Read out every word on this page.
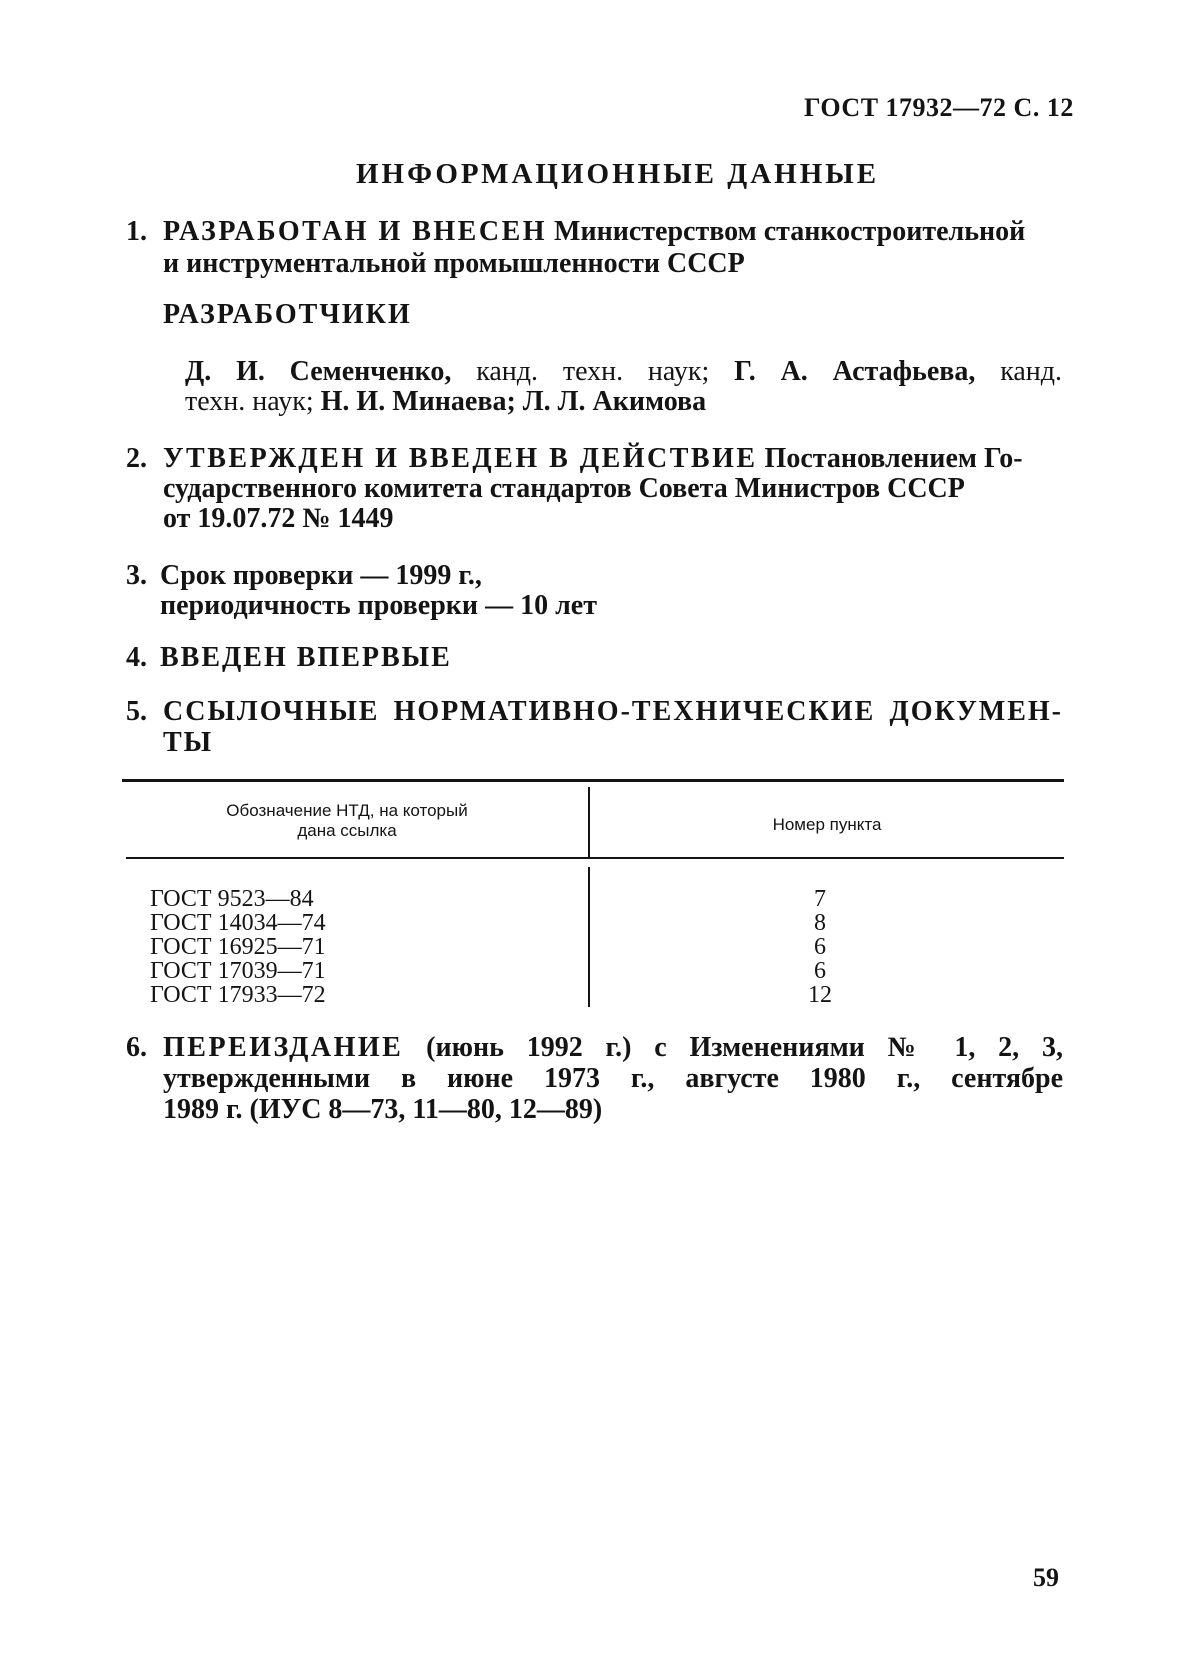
ГОСТ 17932—72 С. 12
ИНФОРМАЦИОННЫЕ ДАННЫЕ
1. РАЗРАБОТАН И ВНЕСЕН Министерством станкостроительной
и инструментальной промышленности СССР
РАЗРАБОТЧИКИ
Д. И. Семенченко, канд. техн. наук; Г. А. Астафьева, канд.
техн. наук; Н. И. Минаева; Л. Л. Акимова
2. УТВЕРЖДЕН И ВВЕДЕН В ДЕЙСТВИЕ Постановлением Го-
сударственного комитета стандартов Совета Министров СССР
от 19.07.72 № 1449
3. Срок проверки — 1999 г.,
периодичность проверки — 10 лет
4. ВВЕДЕН ВПЕРВЫЕ
5. ССЫЛОЧНЫЕ НОРМАТИВНО-ТЕХНИЧЕСКИЕ ДОКУМЕН-
ТЫ
Обозначение НТД, на который
дана ссылка	Номер пункта
ГОСТ 9523—84	7
ГОСТ 14034—74	8
ГОСТ 16925—71	6
ГОСТ 17039—71	6
ГОСТ 17933—72	12
6. ПЕРЕИЗДАНИЕ (июнь 1992 г.) с Изменениями № 1, 2, 3,
утвержденными в июне 1973 г., августе 1980 г., сентябре
1989 г. (ИУС 8—73, 11—80, 12—89)
59
